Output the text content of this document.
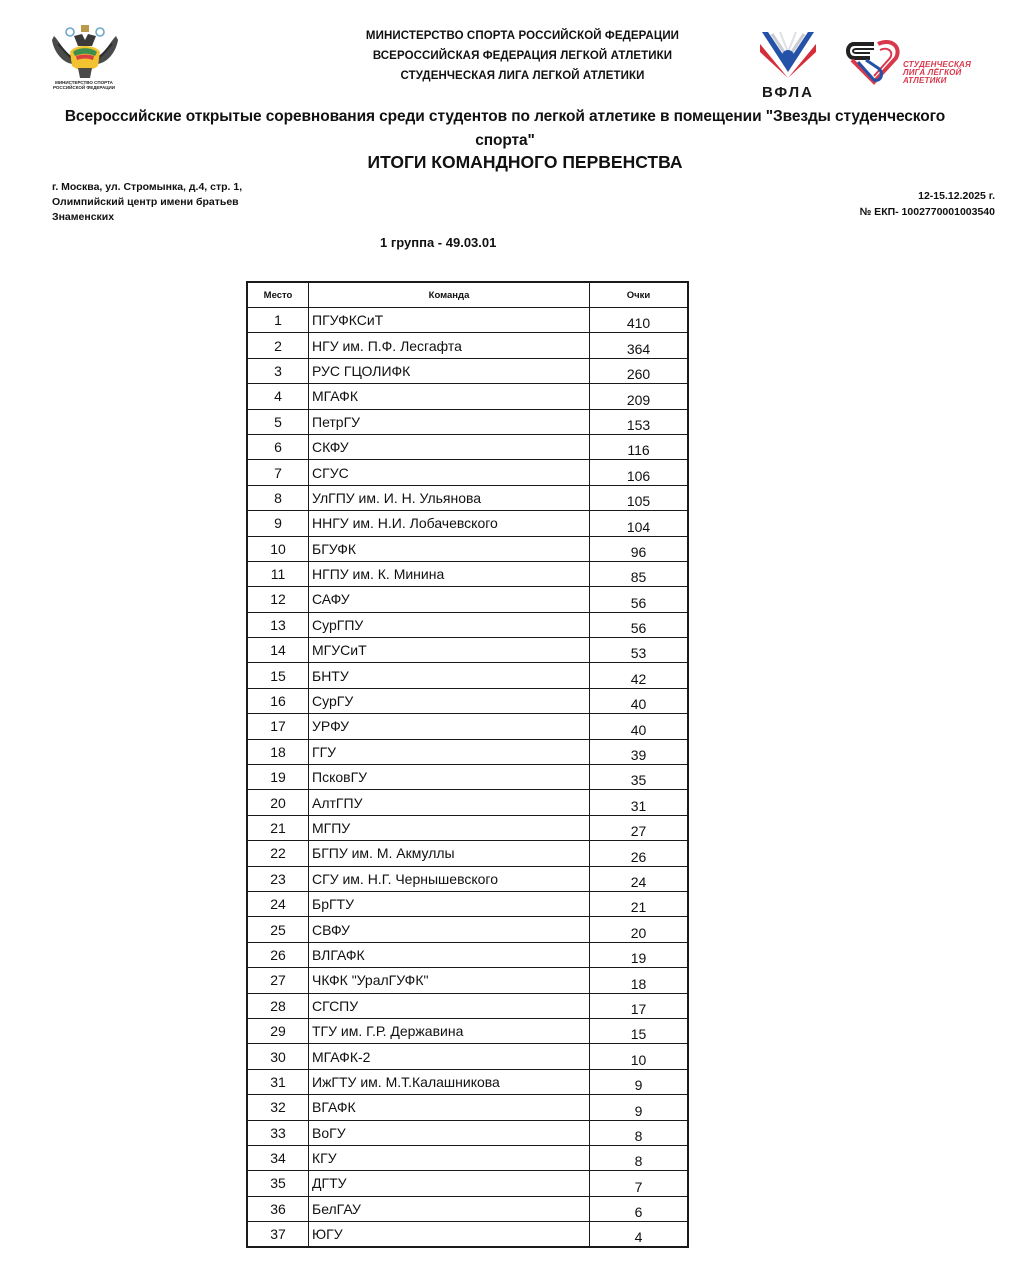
МИНИСТЕРСТВО СПОРТА
РОССИЙСКОЙ ФЕДЕРАЦИИ
МИНИСТЕРСТВО СПОРТА РОССИЙСКОЙ ФЕДЕРАЦИИ
ВСЕРОССИЙСКАЯ ФЕДЕРАЦИЯ ЛЕГКОЙ АТЛЕТИКИ
СТУДЕНЧЕСКАЯ ЛИГА ЛЕГКОЙ АТЛЕТИКИ
ВФЛА
СТУДЕНЧЕСКАЯ
ЛИГА ЛЁГКОЙ
АТЛЕТИКИ
Всероссийские открытые соревнования среди студентов по легкой атлетике в помещении "Звезды студенческого спорта"
ИТОГИ КОМАНДНОГО ПЕРВЕНСТВА
г. Москва, ул. Стромынка, д.4, стр. 1,
Олимпийский центр имени братьев
Знаменских
12-15.12.2025 г.
№ ЕКП- 1002770001003540
1 группа - 49.03.01
Место	Команда	Очки
1	ПГУФКСиТ	410
2	НГУ им. П.Ф. Лесгафта	364
3	РУС ГЦОЛИФК	260
4	МГАФК	209
5	ПетрГУ	153
6	СКФУ	116
7	СГУС	106
8	УлГПУ им. И. Н. Ульянова	105
9	ННГУ им. Н.И. Лобачевского	104
10	БГУФК	96
11	НГПУ им. К. Минина	85
12	САФУ	56
13	СурГПУ	56
14	МГУСиТ	53
15	БНТУ	42
16	СурГУ	40
17	УРФУ	40
18	ГГУ	39
19	ПсковГУ	35
20	АлтГПУ	31
21	МГПУ	27
22	БГПУ им. М. Акмуллы	26
23	СГУ им. Н.Г. Чернышевского	24
24	БрГТУ	21
25	СВФУ	20
26	ВЛГАФК	19
27	ЧКФК "УралГУФК"	18
28	СГСПУ	17
29	ТГУ им. Г.Р. Державина	15
30	МГАФК-2	10
31	ИжГТУ им. М.Т.Калашникова	9
32	ВГАФК	9
33	ВоГУ	8
34	КГУ	8
35	ДГТУ	7
36	БелГАУ	6
37	ЮГУ	4
